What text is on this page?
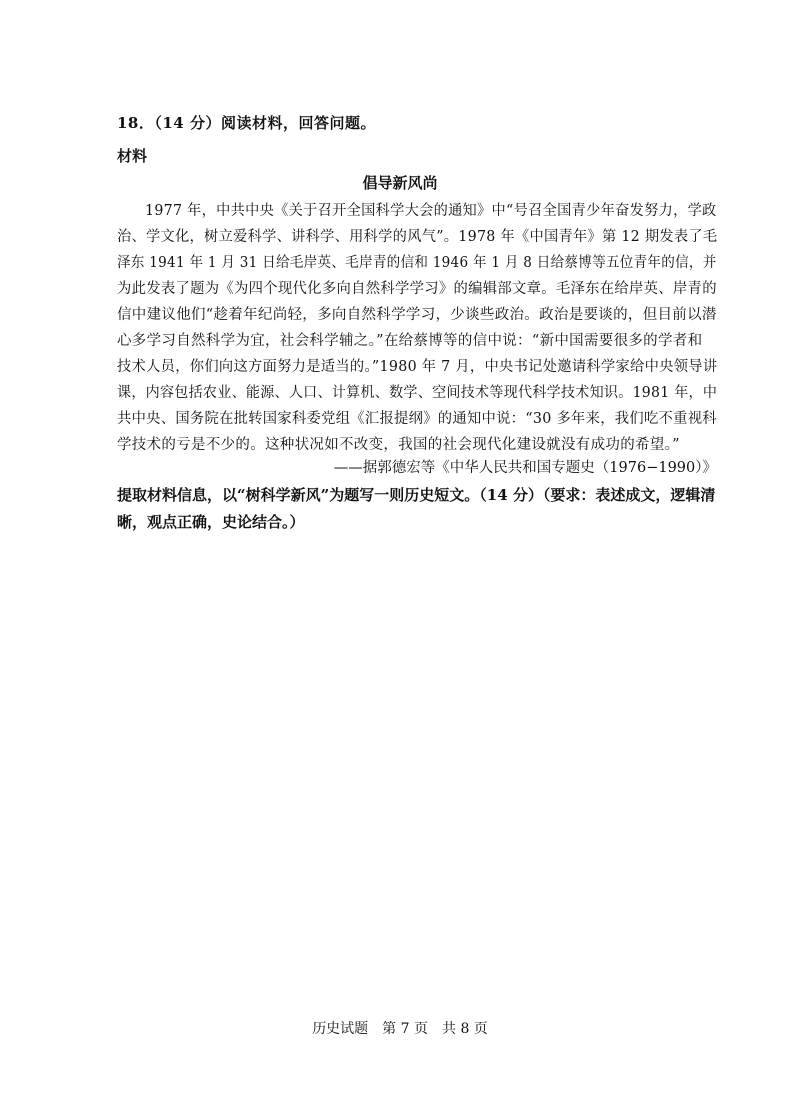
18．（14 分）阅读材料，回答问题。
材料
倡导新风尚
1977 年，中共中央《关于召开全国科学大会的通知》中“号召全国青少年奋发努力，学政
治、学文化，树立爱科学、讲科学、用科学的风气”。1978 年《中国青年》第 12 期发表了毛
泽东 1941 年 1 月 31 日给毛岸英、毛岸青的信和 1946 年 1 月 8 日给蔡博等五位青年的信，并
为此发表了题为《为四个现代化多向自然科学学习》的编辑部文章。毛泽东在给岸英、岸青的
信中建议他们“趁着年纪尚轻，多向自然科学学习，少谈些政治。政治是要谈的，但目前以潜
心多学习自然科学为宜，社会科学辅之。”在给蔡博等的信中说：“新中国需要很多的学者和
技术人员，你们向这方面努力是适当的。”1980 年 7 月，中央书记处邀请科学家给中央领导讲
课，内容包括农业、能源、人口、计算机、数学、空间技术等现代科学技术知识。1981 年，中
共中央、国务院在批转国家科委党组《汇报提纲》的通知中说：“30 多年来，我们吃不重视科
学技术的亏是不少的。这种状况如不改变，我国的社会现代化建设就没有成功的希望。”
——据郭德宏等《中华人民共和国专题史（1976−1990）》
提取材料信息，以“树科学新风”为题写一则历史短文。（14 分）（要求：表述成文，逻辑清
晰，观点正确，史论结合。）
历史试题　第 7 页　共 8 页
